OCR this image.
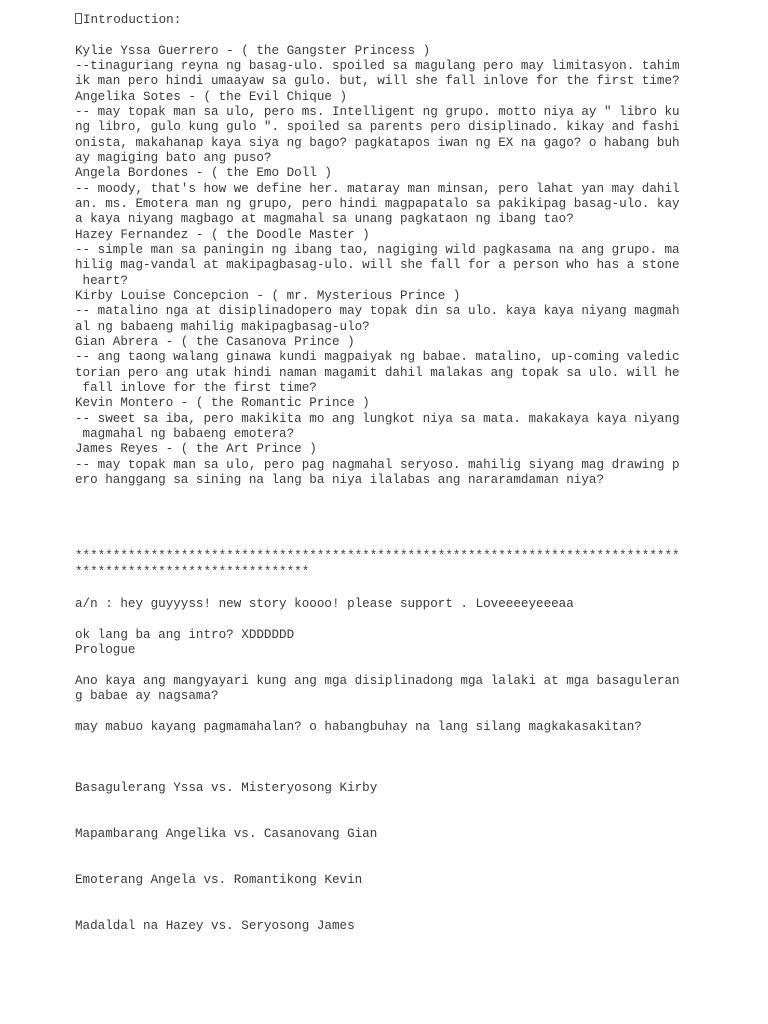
Introduction:
Kylie Yssa Guerrero - ( the Gangster Princess )
--tinaguriang reyna ng basag-ulo. spoiled sa magulang pero may limitasyon. tahim
ik man pero hindi umaayaw sa gulo. but, will she fall inlove for the first time?
Angelika Sotes - ( the Evil Chique )
-- may topak man sa ulo, pero ms. Intelligent ng grupo. motto niya ay " libro ku
ng libro, gulo kung gulo ". spoiled sa parents pero disiplinado. kikay and fashi
onista, makahanap kaya siya ng bago? pagkatapos iwan ng EX na gago? o habang buh
ay magiging bato ang puso?
Angela Bordones - ( the Emo Doll )
-- moody, that's how we define her. mataray man minsan, pero lahat yan may dahil
an. ms. Emotera man ng grupo, pero hindi magpapatalo sa pakikipag basag-ulo. kay
a kaya niyang magbago at magmahal sa unang pagkataon ng ibang tao?
Hazey Fernandez - ( the Doodle Master )
-- simple man sa paningin ng ibang tao, nagiging wild pagkasama na ang grupo. ma
hilig mag-vandal at makipagbasag-ulo. will she fall for a person who has a stone
heart?
Kirby Louise Concepcion - ( mr. Mysterious Prince )
-- matalino nga at disiplinadopero may topak din sa ulo. kaya kaya niyang magmah
al ng babaeng mahilig makipagbasag-ulo?
Gian Abrera - ( the Casanova Prince )
-- ang taong walang ginawa kundi magpaiyak ng babae. matalino, up-coming valedic
torian pero ang utak hindi naman magamit dahil malakas ang topak sa ulo. will he
fall inlove for the first time?
Kevin Montero - ( the Romantic Prince )
-- sweet sa iba, pero makikita mo ang lungkot niya sa mata. makakaya kaya niyang
magmahal ng babaeng emotera?
James Reyes - ( the Art Prince )
-- may topak man sa ulo, pero pag nagmahal seryoso. mahilig siyang mag drawing p
ero hanggang sa sining na lang ba niya ilalabas ang nararamdaman niya?
********************************************************************************
*******************************
a/n : hey guyyyss! new story koooo! please support . Loveeeeyeeeaa
ok lang ba ang intro? XDDDDDD
Prologue
Ano kaya ang mangyayari kung ang mga disiplinadong mga lalaki at mga basaguleran
g babae ay nagsama?
may mabuo kayang pagmamahalan? o habangbuhay na lang silang magkakasakitan?
Basagulerang Yssa vs. Misteryosong Kirby
Mapambarang Angelika vs. Casanovang Gian
Emoterang Angela vs. Romantikong Kevin
Madaldal na Hazey vs. Seryosong James
